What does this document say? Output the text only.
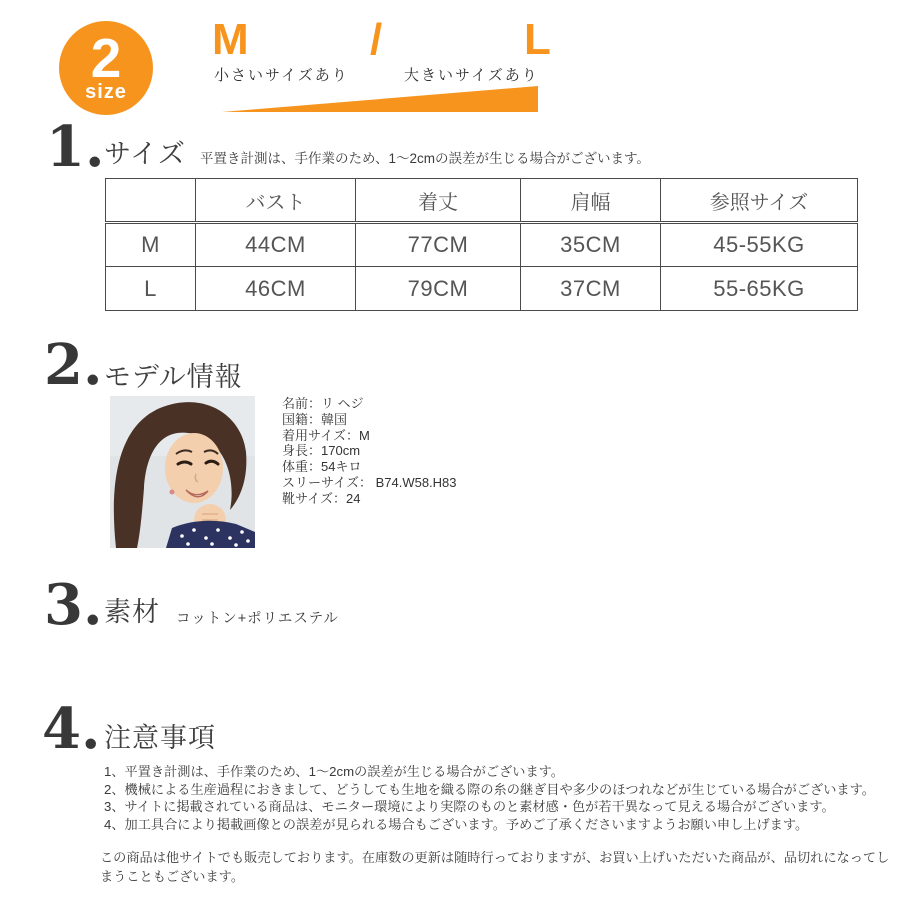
2
size
M	/	L
小さいサイズあり	大きいサイズあり
1. サイズ 平置き計測は、手作業のため、1～2cmの誤差が生じる場合がございます。
	バスト	着丈	肩幅	参照サイズ
M	44CM	77CM	35CM	45-55KG
L	46CM	79CM	37CM	55-65KG
2. モデル情報
名前：リ ヘジ
国籍：韓国
着用サイズ：M
身長：170cm
体重：54キロ
スリーサイズ： B74.W58.H83
靴サイズ：24
3. 素材 コットン+ポリエステル
4. 注意事項
1、平置き計測は、手作業のため、1～2cmの誤差が生じる場合がございます。
2、機械による生産過程におきまして、どうしても生地を織る際の糸の継ぎ目や多少のほつれなどが生じている場合がございます。
3、サイトに掲載されている商品は、モニター環境により実際のものと素材感・色が若干異なって見える場合がございます。
4、加工具合により掲載画像との誤差が見られる場合もございます。予めご了承くださいますようお願い申し上げます。
この商品は他サイトでも販売しております。在庫数の更新は随時行っておりますが、お買い上げいただいた商品が、品切れになってしまうこともございます。
